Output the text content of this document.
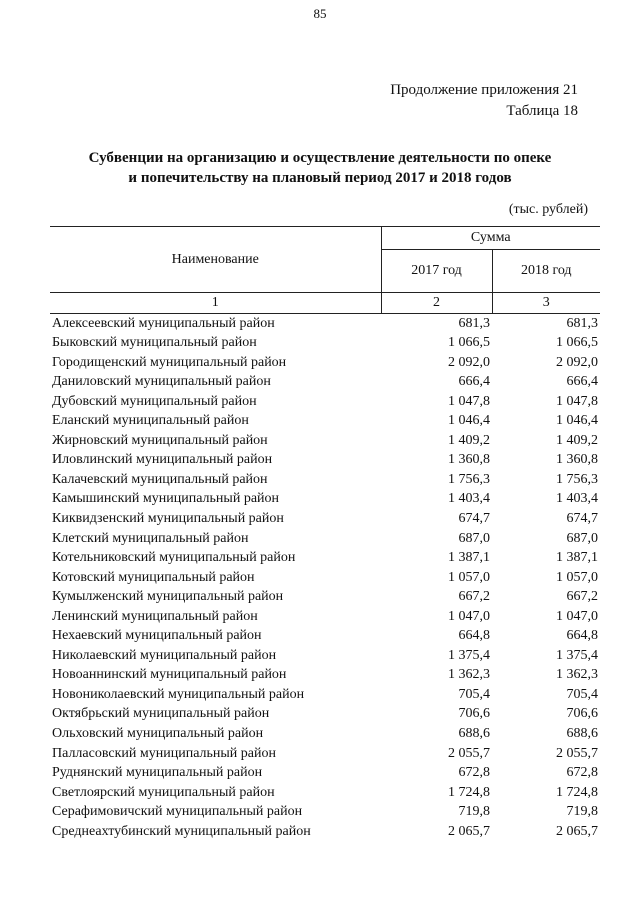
85
Продолжение приложения 21
Таблица 18
Субвенции на организацию и осуществление деятельности по опеке
и попечительству на плановый период 2017 и 2018 годов
(тыс. рублей)
Наименование	Сумма	
	2017 год	2018 год
1	2	3
Алексеевский муниципальный район	681,3	681,3
Быковский муниципальный район	1 066,5	1 066,5
Городищенский муниципальный район	2 092,0	2 092,0
Даниловский муниципальный район	666,4	666,4
Дубовский муниципальный район	1 047,8	1 047,8
Еланский муниципальный район	1 046,4	1 046,4
Жирновский муниципальный район	1 409,2	1 409,2
Иловлинский муниципальный район	1 360,8	1 360,8
Калачевский муниципальный район	1 756,3	1 756,3
Камышинский муниципальный район	1 403,4	1 403,4
Киквидзенский муниципальный район	674,7	674,7
Клетский муниципальный район	687,0	687,0
Котельниковский муниципальный район	1 387,1	1 387,1
Котовский муниципальный район	1 057,0	1 057,0
Кумылженский муниципальный район	667,2	667,2
Ленинский муниципальный район	1 047,0	1 047,0
Нехаевский муниципальный район	664,8	664,8
Николаевский муниципальный район	1 375,4	1 375,4
Новоаннинский муниципальный район	1 362,3	1 362,3
Новониколаевский муниципальный район	705,4	705,4
Октябрьский муниципальный район	706,6	706,6
Ольховский муниципальный район	688,6	688,6
Палласовский муниципальный район	2 055,7	2 055,7
Руднянский муниципальный район	672,8	672,8
Светлоярский муниципальный район	1 724,8	1 724,8
Серафимовичский муниципальный район	719,8	719,8
Среднеахтубинский муниципальный район	2 065,7	2 065,7
